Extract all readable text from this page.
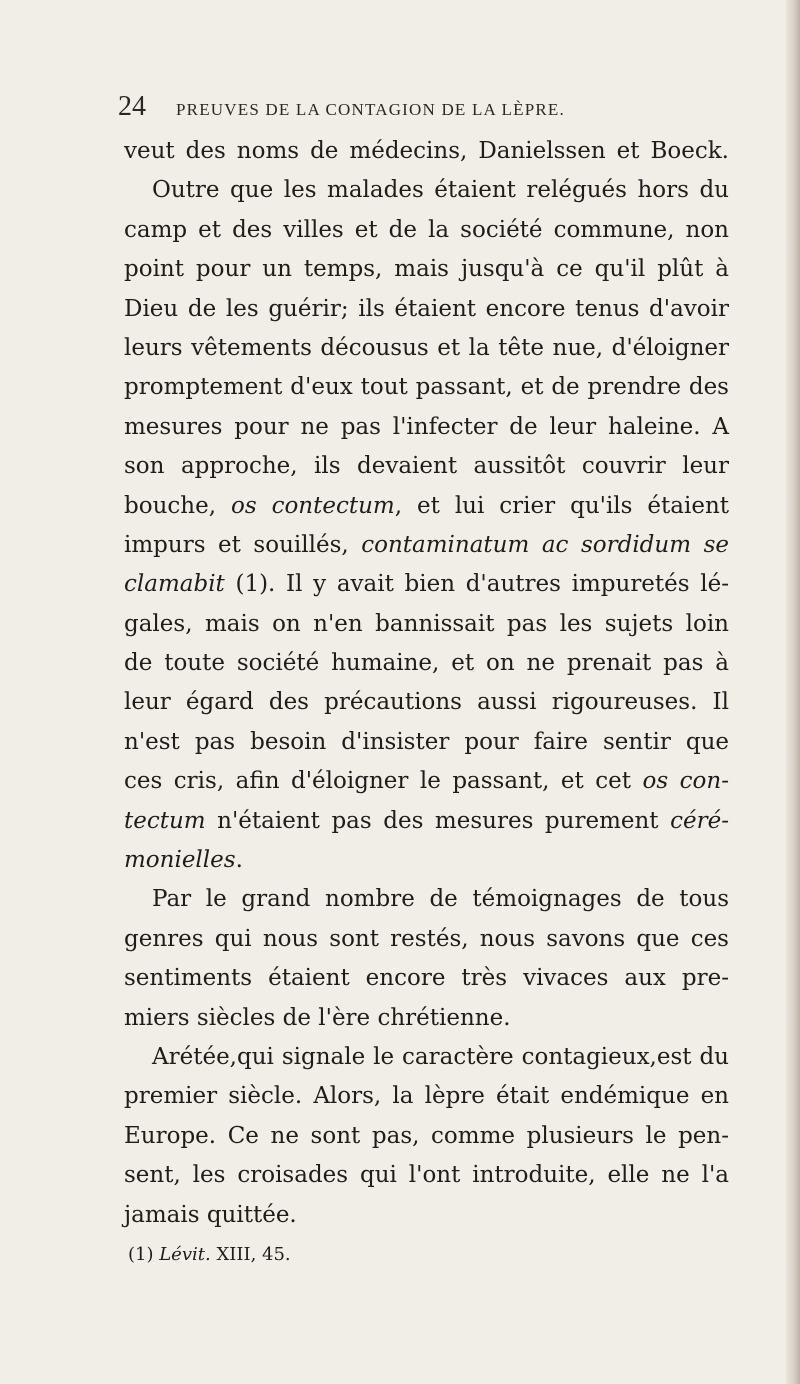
24	PREUVES DE LA CONTAGION DE LA LÈPRE.
veut des noms de médecins, Danielssen et Boeck.
Outre que les malades étaient relégués hors du
camp et des villes et de la société commune, non
point pour un temps, mais jusqu'à ce qu'il plût à
Dieu de les guérir; ils étaient encore tenus d'avoir
leurs vêtements décousus et la tête nue, d'éloigner
promptement d'eux tout passant, et de prendre des
mesures pour ne pas l'infecter de leur haleine. A
son approche, ils devaient aussitôt couvrir leur
bouche, os contectum, et lui crier qu'ils étaient
impurs et souillés, contaminatum ac sordidum se
clamabit (1). Il y avait bien d'autres impuretés lé-
gales, mais on n'en bannissait pas les sujets loin
de toute société humaine, et on ne prenait pas à
leur égard des précautions aussi rigoureuses. Il
n'est pas besoin d'insister pour faire sentir que
ces cris, afin d'éloigner le passant, et cet os con-
tectum n'étaient pas des mesures purement céré-
monielles.
Par le grand nombre de témoignages de tous
genres qui nous sont restés, nous savons que ces
sentiments étaient encore très vivaces aux pre-
miers siècles de l'ère chrétienne.
Arétée,qui signale le caractère contagieux,est du
premier siècle. Alors, la lèpre était endémique en
Europe. Ce ne sont pas, comme plusieurs le pen-
sent, les croisades qui l'ont introduite, elle ne l'a
jamais quittée.
(1) Lévit. XIII, 45.
